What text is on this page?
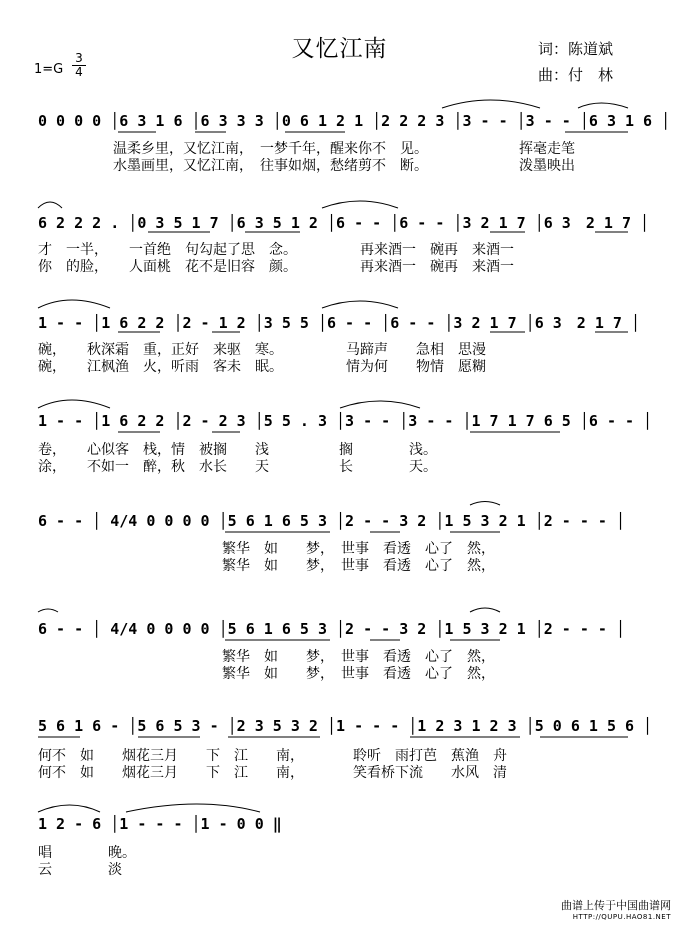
又忆江南
$1=G \frac{3}{4}$
词：陈道斌
曲：付　林
0 0 0 0 │6 3 1 6 │6 3 3 3 │0 6 1 2 1 │2 2 2 3 │3 - - │3 - - │6 3 1 6 │
温柔乡里，又忆江南，　一梦千年，醒来你不　见。　　　　　　　挥毫走笔
水墨画里，又忆江南，　往事如烟，愁绪剪不　断。　　　　　　　泼墨映出
6 2 2 2 . │0 3 5 1 7 │6 3 5 1 2 │6 - - │6 - - │3 2 1 7 │6 3　2 1 7 │
才　一半，　　一首绝　句勾起了思　念。　　　　　再来酒一　碗再　来酒一
你　的脸，　　人面桃　花不是旧容　颜。　　　　　再来酒一　碗再　来酒一
1 - - │1 6 2 2 │2 - 1 2 │3 5 5 │6 - - │6 - - │3 2 1 7 │6 3　2 1 7 │
碗，　　秋深霜　重，正好　来驱　寒。　　　　　马蹄声　　急相　思漫
碗，　　江枫渔　火，听雨　客未　眠。　　　　　情为何　　物情　愿糊
1 - - │1 6 2 2 │2 - 2 3 │5 5 . 3 │3 - - │3 - - │1 7 1 7 6 5 │6 - - │
卷，　　心似客　栈，情　被搁　　浅　　　　　搁　　　　浅。
涂，　　不如一　醉，秋　水长　　天　　　　　长　　　　天。
6 - - │ 4/4 0 0 0 0 │5 6 1 6 5 3 │2 - - 3 2 │1 5 3 2 1 │2 - - - │
繁华　如　　梦，　世事　看透　心了　然，
繁华　如　　梦，　世事　看透　心了　然，
6 - - │ 4/4 0 0 0 0 │5 6 1 6 5 3 │2 - - 3 2 │1 5 3 2 1 │2 - - - │
繁华　如　　梦，　世事　看透　心了　然，
繁华　如　　梦，　世事　看透　心了　然，
5 6 1 6 - │5 6 5 3 - │2 3 5 3 2 │1 - - - │1 2 3 1 2 3 │5 0 6 1 5 6 │
何不　如　　烟花三月　　下　江　　南，　　　　聆听　雨打芭　蕉渔　舟
何不　如　　烟花三月　　下　江　　南，　　　　笑看桥下流　　水风　清
1 2 - 6 │1 - - - │1 - 0 0 ‖
唱　　　　晚。
云　　　　淡
曲谱上传于中国曲谱网
HTTP://QUPU.HAO81.NET
